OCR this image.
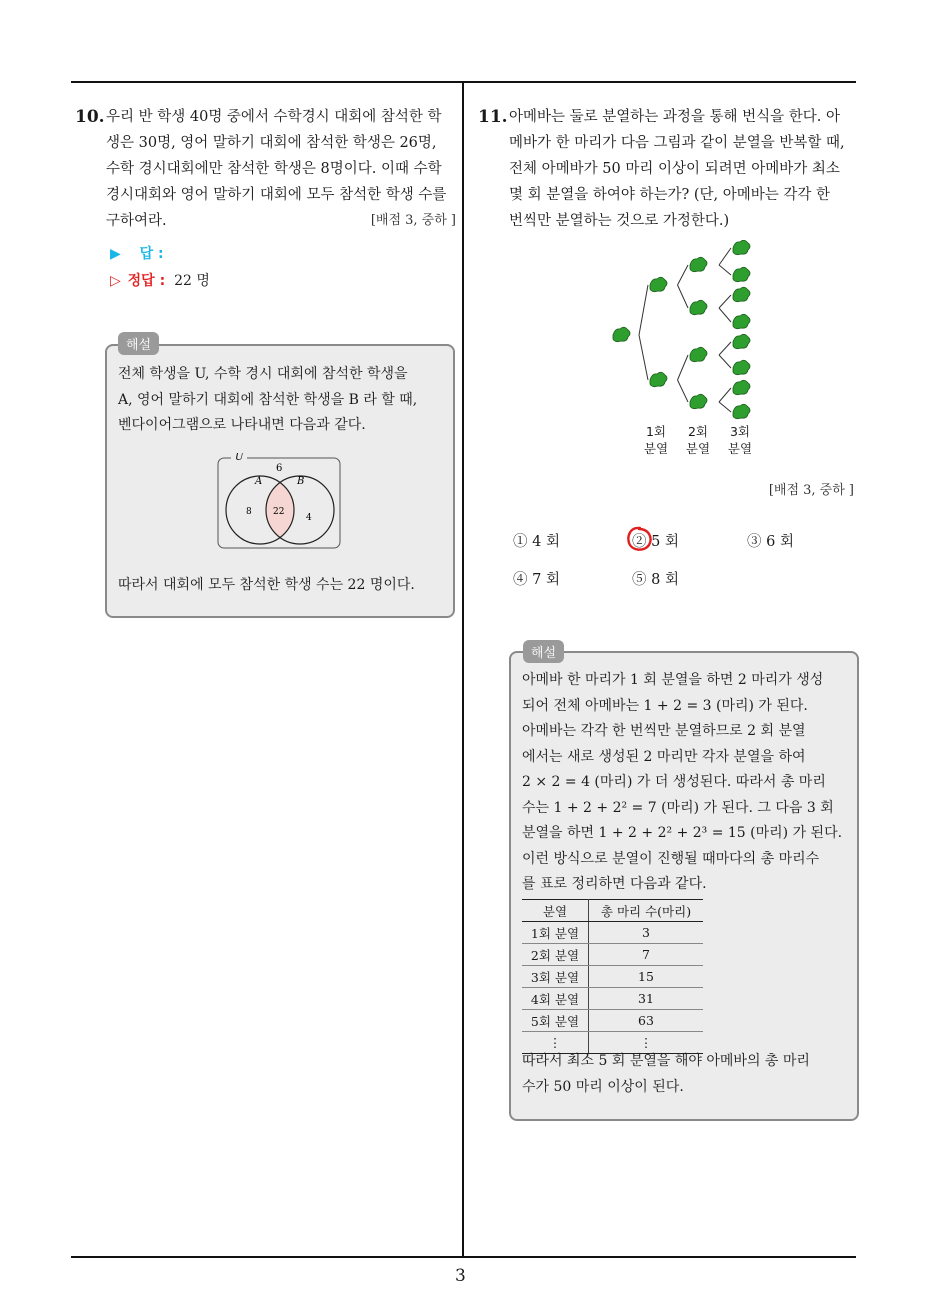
3
10. 우리 반 학생 40명 중에서 수학경시 대회에 참석한 학

생은 30명, 영어 말하기 대회에 참석한 학생은 26명,

수학 경시대회에만 참석한 학생은 8명이다. 이때 수학

경시대회와 영어 말하기 대회에 모두 참석한 학생 수를

구하여라.	[배점 3, 중하 ]

▶ 답 :
▷ 정답 : 22 명
해설

전체 학생을 U, 수학 경시 대회에 참석한 학생을

A, 영어 말하기 대회에 참석한 학생을 B 라 할 때,

벤다이어그램으로 나타내면 다음과 같다.

U
6
A	B
8 22
4
따라서 대회에 모두 참석한 학생 수는 22 명이다.
11. 아메바는 둘로 분열하는 과정을 통해 번식을 한다. 아

메바가 한 마리가 다음 그림과 같이 분열을 반복할 때,

전체 아메바가 50 마리 이상이 되려면 아메바가 최소

몇 회 분열을 하여야 하는가? (단, 아메바는 각각 한

번씩만 분열하는 것으로 가정한다.)

1회
분열
2회
분열
3회
분열
[배점 3, 중하 ]
① 4 회	② 5 회	③ 6 회
④ 7 회	⑤ 8 회
해설

아메바 한 마리가 1 회 분열을 하면 2 마리가 생성

되어 전체 아메바는 1 + 2 = 3 (마리) 가 된다.

아메바는 각각 한 번씩만 분열하므로 2 회 분열

에서는 새로 생성된 2 마리만 각자 분열을 하여

2 × 2 = 4 (마리) 가 더 생성된다. 따라서 총 마리

수는 1 + 2 + 2² = 7 (마리) 가 된다. 그 다음 3 회

분열을 하면 1 + 2 + 2² + 2³ = 15 (마리) 가 된다.

이런 방식으로 분열이 진행될 때마다의 총 마리수

를 표로 정리하면 다음과 같다.

분열	총 마리 수(마리)
1회 분열	3
2회 분열	7
3회 분열	15
4회 분열	31
5회 분열	63
⋮	⋮

따라서 최소 5 회 분열을 해야 아메바의 총 마리

수가 50 마리 이상이 된다.
